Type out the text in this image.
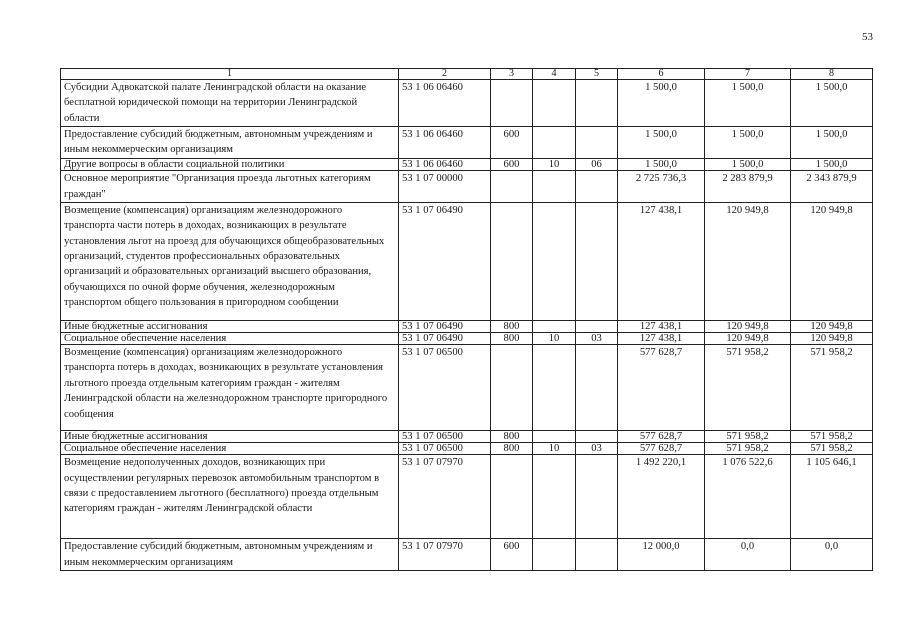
53
1	2	3	4	5	6	7	8
Субсидии Адвокатской палате Ленинградской области на оказание бесплатной юридической помощи на территории Ленинградской области	53 1 06 06460				1 500,0	1 500,0	1 500,0
Предоставление субсидий бюджетным, автономным учреждениям и иным некоммерческим организациям	53 1 06 06460	600			1 500,0	1 500,0	1 500,0
Другие вопросы в области социальной политики	53 1 06 06460	600	10	06	1 500,0	1 500,0	1 500,0
Основное мероприятие "Организация проезда льготных категориям граждан"	53 1 07 00000				2 725 736,3	2 283 879,9	2 343 879,9
Возмещение (компенсация) организациям железнодорожного транспорта части потерь в доходах, возникающих в результате установления льгот на проезд для обучающихся общеобразовательных организаций, студентов профессиональных образовательных организаций и образовательных организаций высшего образования, обучающихся по очной форме обучения, железнодорожным транспортом общего пользования в пригородном сообщении	53 1 07 06490				127 438,1	120 949,8	120 949,8
Иные бюджетные ассигнования	53 1 07 06490	800			127 438,1	120 949,8	120 949,8
Социальное обеспечение населения	53 1 07 06490	800	10	03	127 438,1	120 949,8	120 949,8
Возмещение (компенсация) организациям железнодорожного транспорта потерь в доходах, возникающих в результате установления льготного проезда отдельным категориям граждан - жителям Ленинградской области на железнодорожном транспорте пригородного сообщения	53 1 07 06500				577 628,7	571 958,2	571 958,2
Иные бюджетные ассигнования	53 1 07 06500	800			577 628,7	571 958,2	571 958,2
Социальное обеспечение населения	53 1 07 06500	800	10	03	577 628,7	571 958,2	571 958,2
Возмещение недополученных доходов, возникающих при осуществлении регулярных перевозок автомобильным транспортом в связи с предоставлением льготного (бесплатного) проезда отдельным категориям граждан - жителям Ленинградской области	53 1 07 07970				1 492 220,1	1 076 522,6	1 105 646,1
Предоставление субсидий бюджетным, автономным учреждениям и иным некоммерческим организациям	53 1 07 07970	600			12 000,0	0,0	0,0
